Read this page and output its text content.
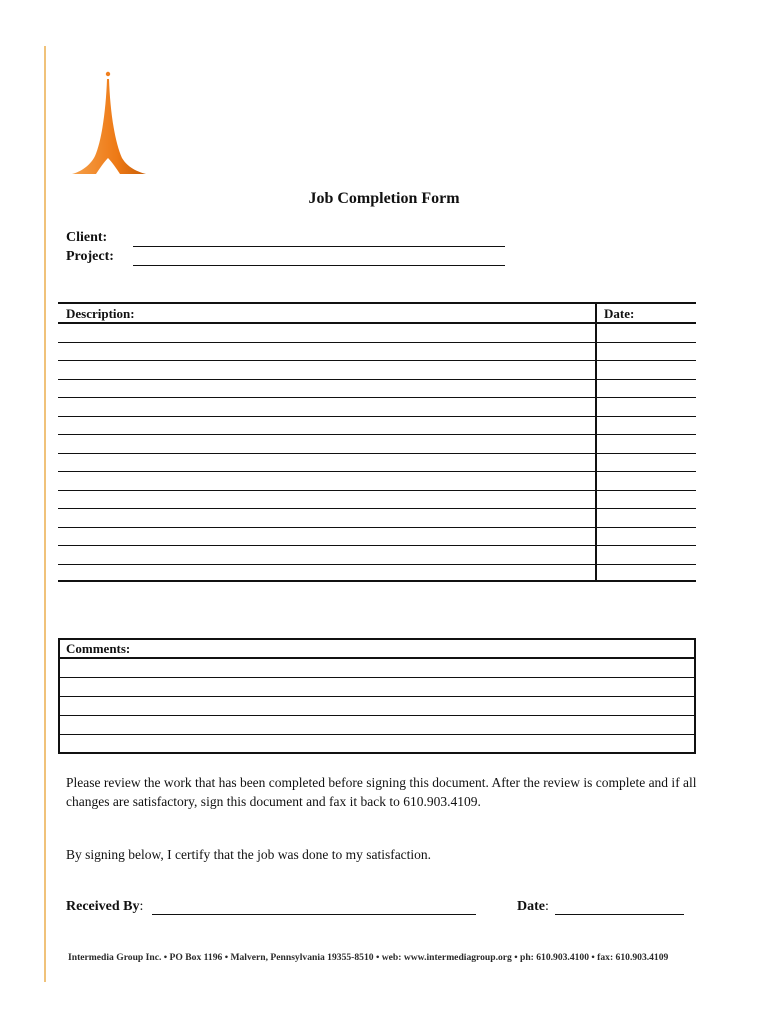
Job Completion Form
Client:
Project:
Description:	Date:
Comments:
Please review the work that has been completed before signing this document. After the review is complete and if all changes are satisfactory, sign this document and fax it back to 610.903.4109.
By signing below, I certify that the job was done to my satisfaction.
Received By:	Date:
Intermedia Group Inc. • PO Box 1196 • Malvern, Pennsylvania 19355-8510 • web: www.intermediagroup.org • ph: 610.903.4100 • fax: 610.903.4109
